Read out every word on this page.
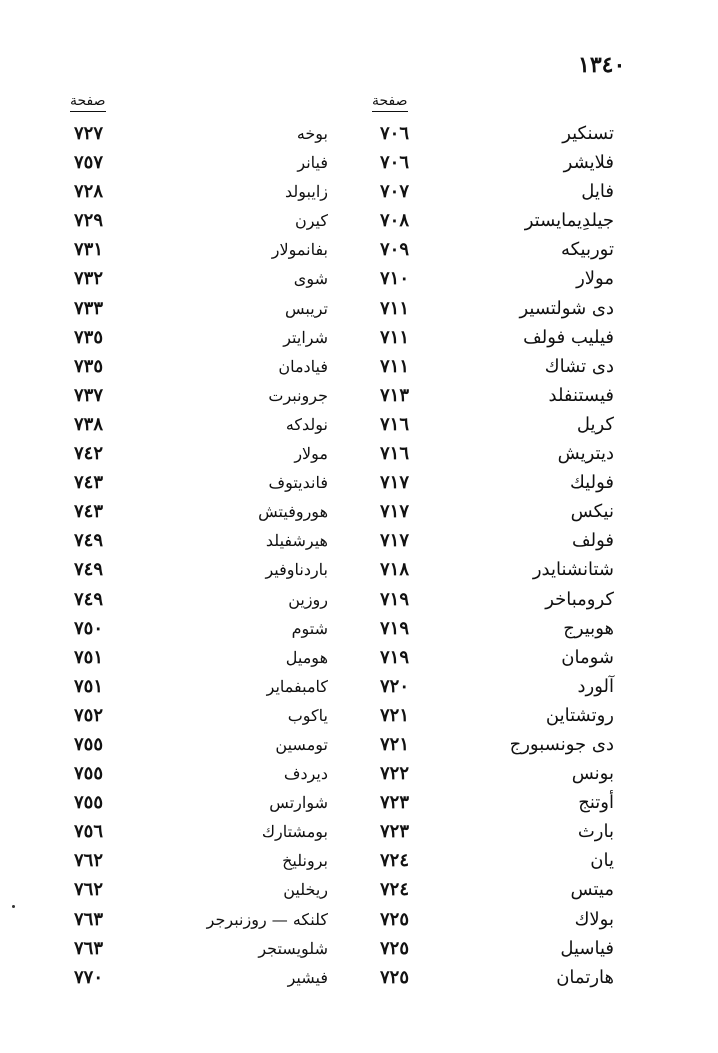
١٣٤٠
صفحة
صفحة
تسنكير
٧٠٦
بوخه
٧٢٧
فلايشر
٧٠٦
فيانر
٧٥٧
فايل
٧٠٧
زايبولد
٧٢٨
جيلدِيمايستر
٧٠٨
كيرن
٧٢٩
توربيكه
٧٠٩
بفانمولار
٧٣١
مولار
٧١٠
شوى
٧٣٢
دى شولتسير
٧١١
تريبس
٧٣٣
فيليب فولف
٧١١
شرايتر
٧٣٥
دى تشاك
٧١١
فيادمان
٧٣٥
فيستنفلد
٧١٣
جرونبرت
٧٣٧
كريل
٧١٦
نولدكه
٧٣٨
ديتريش
٧١٦
مولار
٧٤٢
فوليك
٧١٧
فانديتوف
٧٤٣
نيكس
٧١٧
هوروفيتش
٧٤٣
فولف
٧١٧
هيرشفيلد
٧٤٩
شتانشنايدر
٧١٨
باردناوفير
٧٤٩
كرومباخر
٧١٩
روزين
٧٤٩
هوبيرج
٧١٩
شتوم
٧٥٠
شومان
٧١٩
هوميل
٧٥١
آلورد
٧٢٠
كامبفماير
٧٥١
روتشتاين
٧٢١
ياكوب
٧٥٢
دى جونسبورج
٧٢١
تومسين
٧٥٥
بونس
٧٢٢
ديردف
٧٥٥
أوتنج
٧٢٣
شوارتس
٧٥٥
بارث
٧٢٣
بومشتارك
٧٥٦
يان
٧٢٤
برونليخ
٧٦٢
ميتس
٧٢٤
ريخلين
٧٦٢
بولاك
٧٢٥
كلنكه — روزنبرجر
٧٦٣
فياسيل
٧٢٥
شلويستجر
٧٦٣
هارتمان
٧٢٥
فيشير
٧٧٠
